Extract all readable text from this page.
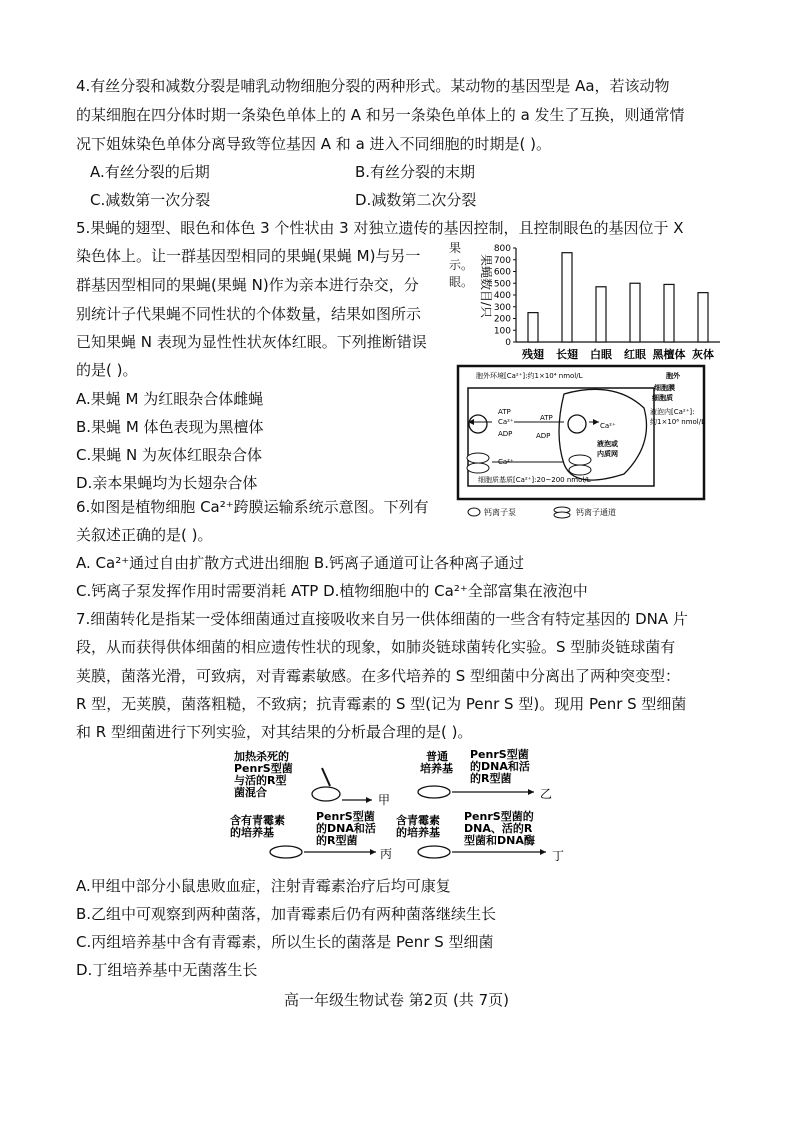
4.有丝分裂和减数分裂是哺乳动物细胞分裂的两种形式。某动物的基因型是 Aa，若该动物
的某细胞在四分体时期一条染色单体上的 A 和另一条染色单体上的 a 发生了互换，则通常情
况下姐妹染色单体分离导致等位基因 A 和 a 进入不同细胞的时期是( )。
A.有丝分裂的后期	B.有丝分裂的末期
C.减数第一次分裂	D.减数第二次分裂
5.果蝇的翅型、眼色和体色 3 个性状由 3 对独立遗传的基因控制，且控制眼色的基因位于 X
染色体上。让一群基因型相同的果蝇(果蝇 M)与另一
群基因型相同的果蝇(果蝇 N)作为亲本进行杂交，分
别统计子代果蝇不同性状的个体数量，结果如图所示
已知果蝇 N 表现为显性性状灰体红眼。下列推断错误
的是( )。
A.果蝇 M 为红眼杂合体雌蝇
B.果蝇 M 体色表现为黑檀体
C.果蝇 N 为灰体红眼杂合体
D.亲本果蝇均为长翅杂合体
果示。眼。
0
100
200
300
400
500
600
700
800
残翅 长翅 白眼 红眼 黑檀体 灰体
果蝇数目/只
6.如图是植物细胞 Ca²⁺跨膜运输系统示意图。下列有
关叙述正确的是( )。
A. Ca²⁺通过自由扩散方式进出细胞 B.钙离子通道可让各种离子通过
C.钙离子泵发挥作用时需要消耗 ATP D.植物细胞中的 Ca²⁺全部富集在液泡中
胞外环境[Ca²⁺]:约1×10⁴ nmol/L
细胞膜
细胞质
胞外
ATP
Ca²⁺
ADP
ATP
ADP
Ca²⁺
Ca²⁺
液泡或
内质网
液泡内[Ca²⁺]:
约1×10⁶ nmol/L
细胞质基质[Ca²⁺]:20~200 nmol/L
钙离子泵	钙离子通道
7.细菌转化是指某一受体细菌通过直接吸收来自另一供体细菌的一些含有特定基因的 DNA 片
段，从而获得供体细菌的相应遗传性状的现象，如肺炎链球菌转化实验。S 型肺炎链球菌有
荚膜，菌落光滑，可致病，对青霉素敏感。在多代培养的 S 型细菌中分离出了两种突变型：
R 型，无荚膜，菌落粗糙，不致病；抗青霉素的 S 型(记为 Penr S 型)。现用 Penr S 型细菌
和 R 型细菌进行下列实验，对其结果的分析最合理的是( )。
加热杀死的
PenrS型菌
与活的R型
菌混合
甲
普通
培养基
PenrS型菌
的DNA和活
的R型菌
乙
含有青霉素
的培养基
PenrS型菌
的DNA和活
的R型菌
丙
含青霉素
的培养基
PenrS型菌的
DNA、活的R
型菌和DNA酶
丁
A.甲组中部分小鼠患败血症，注射青霉素治疗后均可康复
B.乙组中可观察到两种菌落，加青霉素后仍有两种菌落继续生长
C.丙组培养基中含有青霉素，所以生长的菌落是 Penr S 型细菌
D.丁组培养基中无菌落生长
高一年级生物试卷 第2页 (共 7页)
